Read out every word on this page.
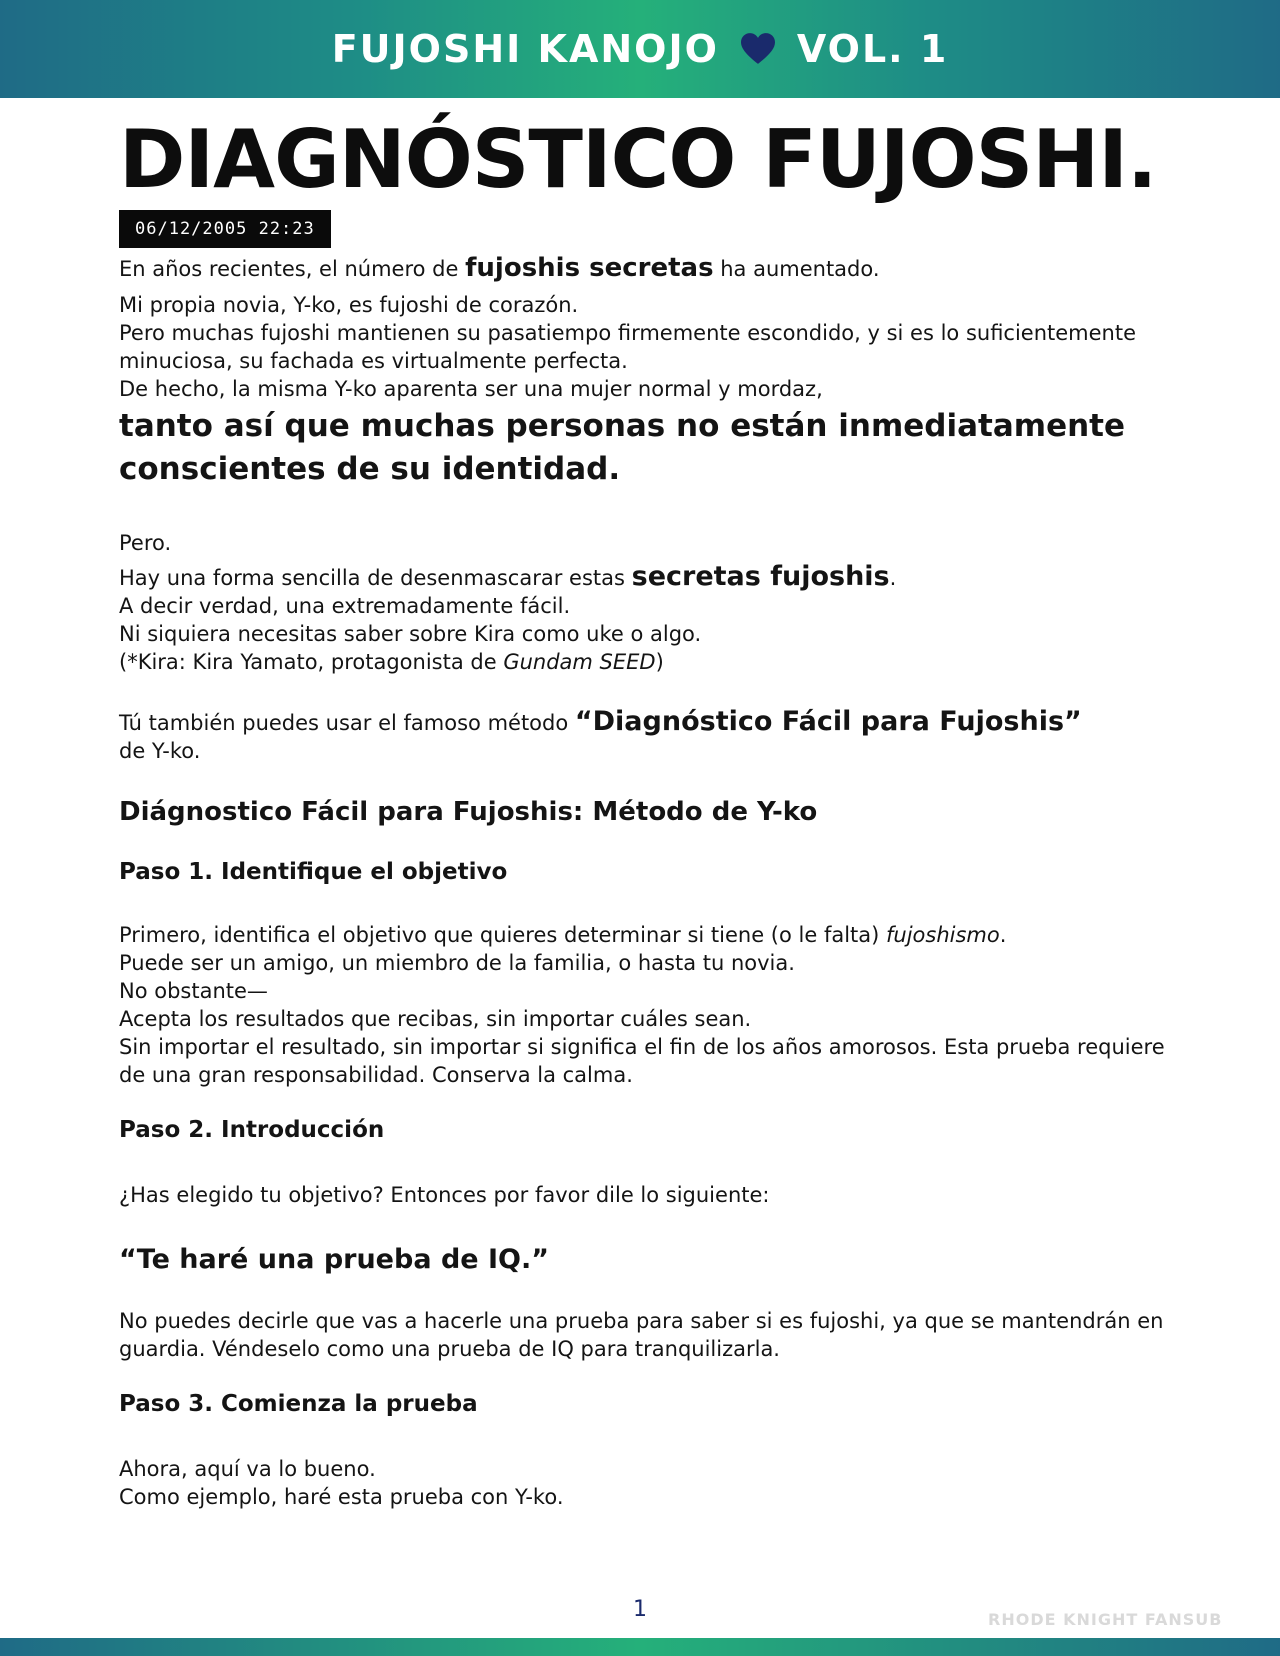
FUJOSHI KANOJO VOL. 1
DIAGNÓSTICO FUJOSHI.
06/12/2005 22:23

En años recientes, el número de fujoshis secretas ha aumentado.

Mi propia novia, Y-ko, es fujoshi de corazón.

Pero muchas fujoshi mantienen su pasatiempo firmemente escondido, y si es lo suficientemente minuciosa, su fachada es virtualmente perfecta.

De hecho, la misma Y-ko aparenta ser una mujer normal y mordaz,

tanto así que muchas personas no están inmediatamente conscientes de su identidad.

Pero.

Hay una forma sencilla de desenmascarar estas secretas fujoshis.

A decir verdad, una extremadamente fácil.

Ni siquiera necesitas saber sobre Kira como uke o algo.

(*Kira: Kira Yamato, protagonista de Gundam SEED)

Tú también puedes usar el famoso método “Diagnóstico Fácil para Fujoshis”

de Y-ko.

Diágnostico Fácil para Fujoshis: Método de Y-ko
Paso 1. Identifique el objetivo

Primero, identifica el objetivo que quieres determinar si tiene (o le falta) fujoshismo.

Puede ser un amigo, un miembro de la familia, o hasta tu novia.

No obstante—

Acepta los resultados que recibas, sin importar cuáles sean.

Sin importar el resultado, sin importar si significa el fin de los años amorosos. Esta prueba requiere de una gran responsabilidad. Conserva la calma.

Paso 2. Introducción

¿Has elegido tu objetivo? Entonces por favor dile lo siguiente:

“Te haré una prueba de IQ.”

No puedes decirle que vas a hacerle una prueba para saber si es fujoshi, ya que se mantendrán en guardia. Véndeselo como una prueba de IQ para tranquilizarla.

Paso 3. Comienza la prueba

Ahora, aquí va lo bueno.

Como ejemplo, haré esta prueba con Y-ko.

1	RHODE KNIGHT FANSUB
